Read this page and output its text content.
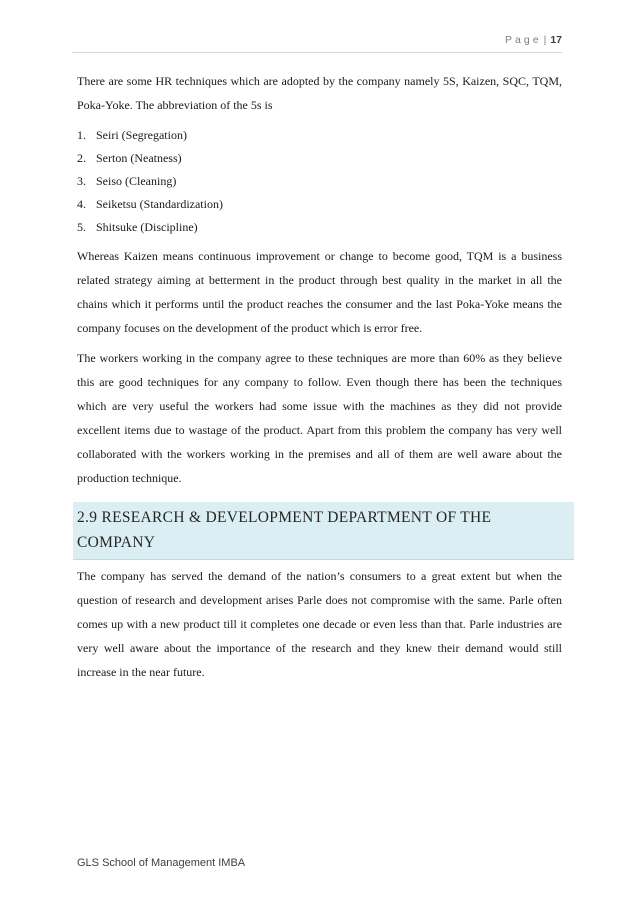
Page | 17

There are some HR techniques which are adopted by the company namely 5S, Kaizen, SQC, TQM, Poka-Yoke. The abbreviation of the 5s is

1. Seiri (Segregation)
2. Serton (Neatness)
3. Seiso (Cleaning)
4. Seiketsu (Standardization)
5. Shitsuke (Discipline)

Whereas Kaizen means continuous improvement or change to become good, TQM is a business related strategy aiming at betterment in the product through best quality in the market in all the chains which it performs until the product reaches the consumer and the last Poka-Yoke means the company focuses on the development of the product which is error free.

The workers working in the company agree to these techniques are more than 60% as they believe this are good techniques for any company to follow. Even though there has been the techniques which are very useful the workers had some issue with the machines as they did not provide excellent items due to wastage of the product. Apart from this problem the company has very well collaborated with the workers working in the premises and all of them are well aware about the production technique.

2.9 RESEARCH & DEVELOPMENT DEPARTMENT OF THE COMPANY

The company has served the demand of the nation’s consumers to a great extent but when the question of research and development arises Parle does not compromise with the same. Parle often comes up with a new product till it completes one decade or even less than that. Parle industries are very well aware about the importance of the research and they knew their demand would still increase in the near future.

GLS School of Management IMBA
